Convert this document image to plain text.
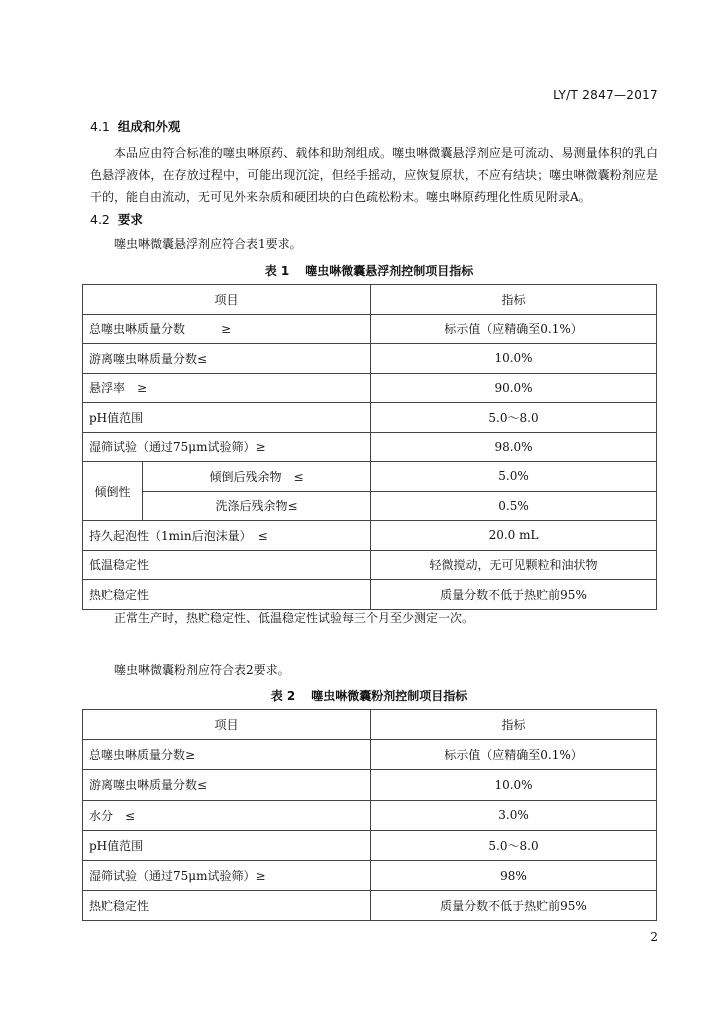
LY/T 2847—2017
4.1 组成和外观
本品应由符合标准的噻虫啉原药、载体和助剂组成。噻虫啉微囊悬浮剂应是可流动、易测量体积的乳白色悬浮液体，在存放过程中，可能出现沉淀，但经手摇动，应恢复原状，不应有结块；噻虫啉微囊粉剂应是干的，能自由流动，无可见外来杂质和硬团块的白色疏松粉末。噻虫啉原药理化性质见附录A。
4.2 要求
噻虫啉微囊悬浮剂应符合表1要求。
表 1 噻虫啉微囊悬浮剂控制项目指标
项目		指标
总噻虫啉质量分数　　　≥		标示值（应精确至0.1%）
游离噻虫啉质量分数≤		10.0%
悬浮率　≥		90.0%
pH值范围		5.0～8.0
湿筛试验（通过75μm试验筛）≥		98.0%
倾倒性	倾倒后残余物　≤	5.0%
	洗涤后残余物≤	0.5%
持久起泡性（1min后泡沫量）　≤		20.0 mL
低温稳定性		轻微搅动，无可见颗粒和油状物
热贮稳定性		质量分数不低于热贮前95%
正常生产时，热贮稳定性、低温稳定性试验每三个月至少测定一次。
噻虫啉微囊粉剂应符合表2要求。
表 2 噻虫啉微囊粉剂控制项目指标
项目	指标
总噻虫啉质量分数≥	标示值（应精确至0.1%）
游离噻虫啉质量分数≤	10.0%
水分　≤	3.0%
pH值范围	5.0～8.0
湿筛试验（通过75μm试验筛）≥	98%
热贮稳定性	质量分数不低于热贮前95%
2
